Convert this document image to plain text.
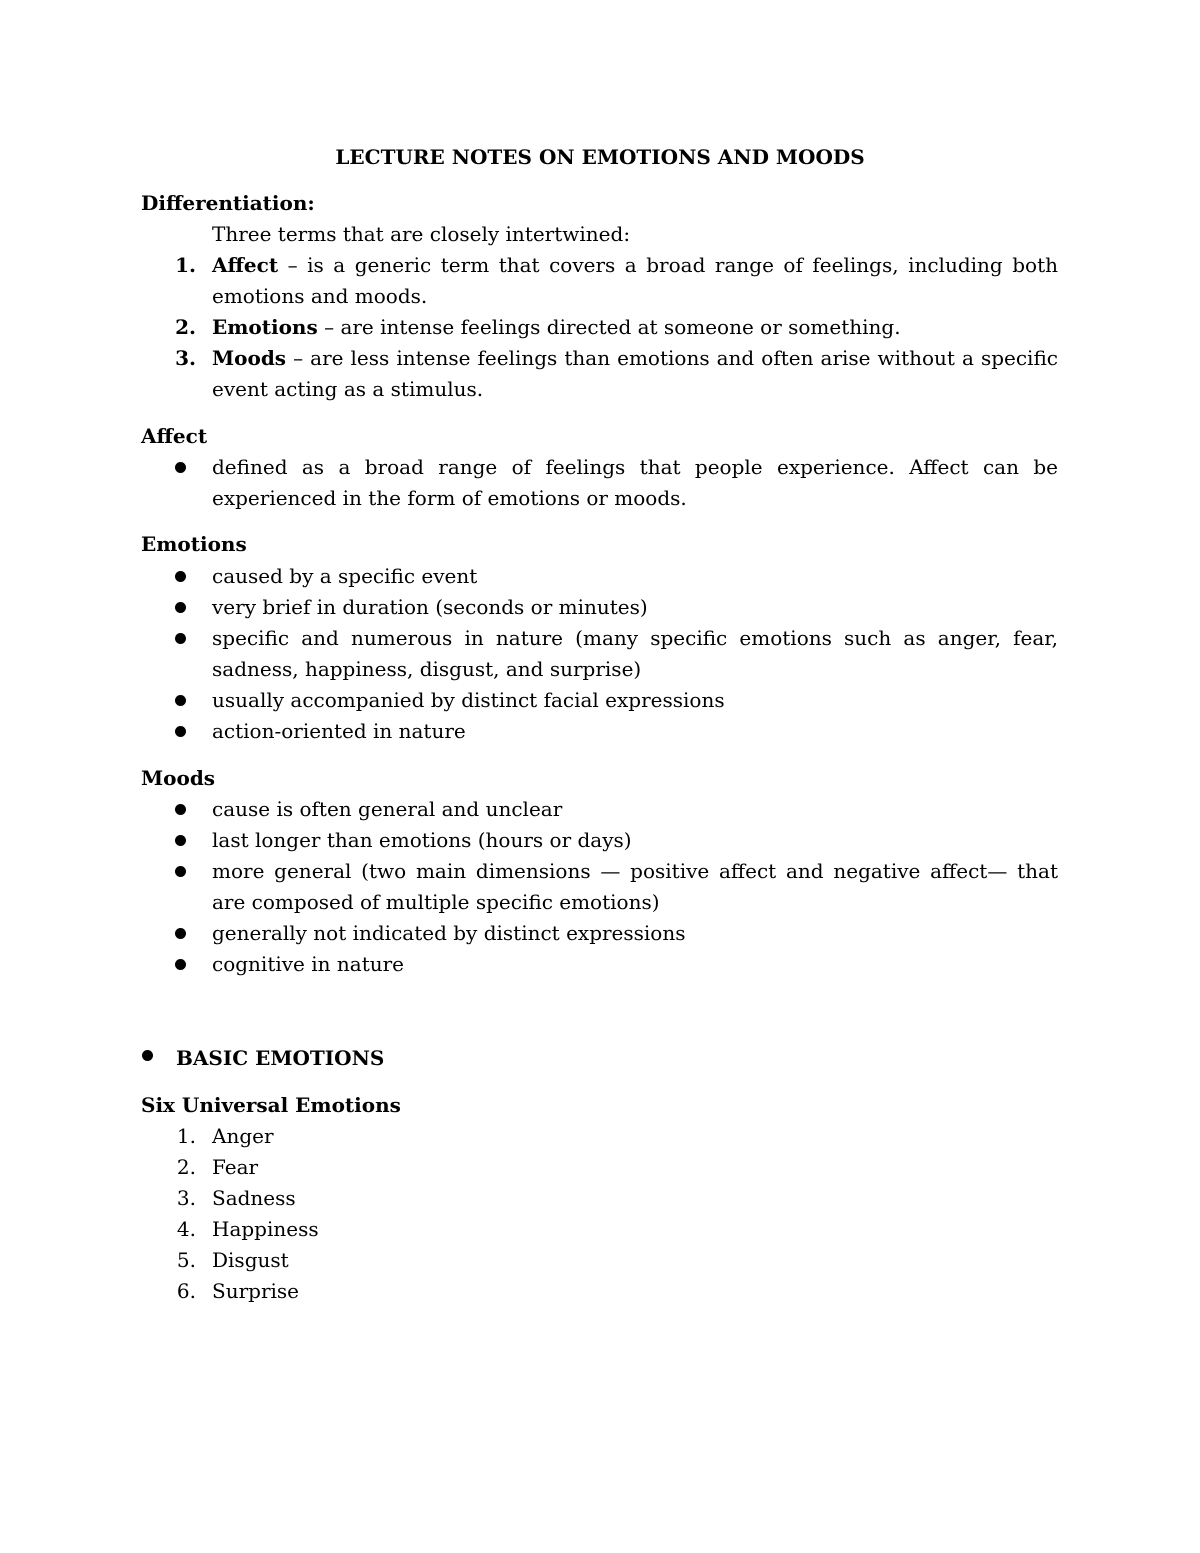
LECTURE NOTES ON EMOTIONS AND MOODS
Differentiation:
Three terms that are closely intertwined:
1. Affect – is a generic term that covers a broad range of feelings, including both emotions and moods.
2. Emotions – are intense feelings directed at someone or something.
3. Moods – are less intense feelings than emotions and often arise without a specific event acting as a stimulus.
Affect
defined as a broad range of feelings that people experience. Affect can be experienced in the form of emotions or moods.
Emotions
caused by a specific event
very brief in duration (seconds or minutes)
specific and numerous in nature (many specific emotions such as anger, fear, sadness, happiness, disgust, and surprise)
usually accompanied by distinct facial expressions
action-oriented in nature
Moods
cause is often general and unclear
last longer than emotions (hours or days)
more general (two main dimensions — positive affect and negative affect— that are composed of multiple specific emotions)
generally not indicated by distinct expressions
cognitive in nature
BASIC EMOTIONS
Six Universal Emotions
1. Anger
2. Fear
3. Sadness
4. Happiness
5. Disgust
6. Surprise
